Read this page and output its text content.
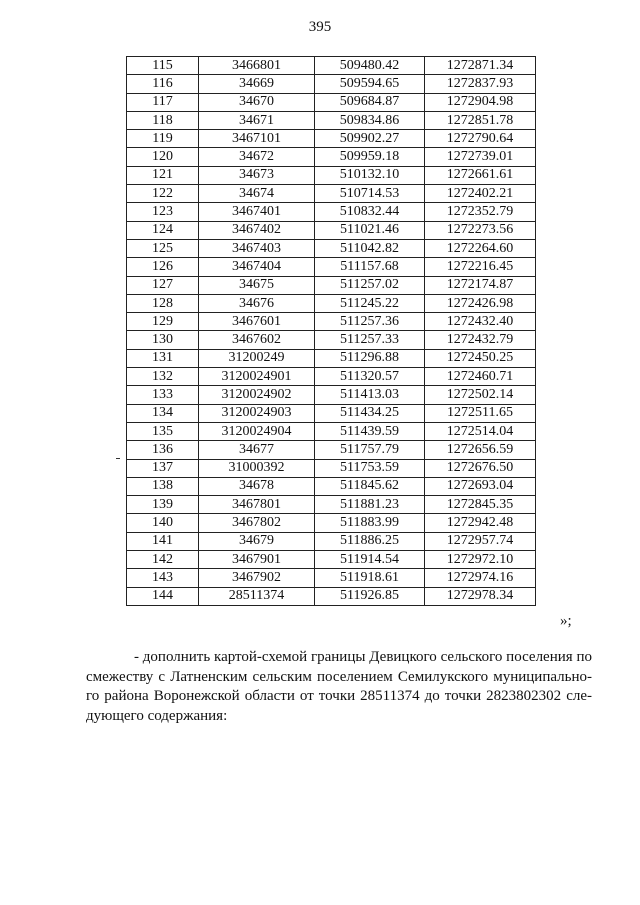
395
115	3466801	509480.42	1272871.34
116	34669	509594.65	1272837.93
117	34670	509684.87	1272904.98
118	34671	509834.86	1272851.78
119	3467101	509902.27	1272790.64
120	34672	509959.18	1272739.01
121	34673	510132.10	1272661.61
122	34674	510714.53	1272402.21
123	3467401	510832.44	1272352.79
124	3467402	511021.46	1272273.56
125	3467403	511042.82	1272264.60
126	3467404	511157.68	1272216.45
127	34675	511257.02	1272174.87
128	34676	511245.22	1272426.98
129	3467601	511257.36	1272432.40
130	3467602	511257.33	1272432.79
131	31200249	511296.88	1272450.25
132	3120024901	511320.57	1272460.71
133	3120024902	511413.03	1272502.14
134	3120024903	511434.25	1272511.65
135	3120024904	511439.59	1272514.04
136	34677	511757.79	1272656.59
137	31000392	511753.59	1272676.50
138	34678	511845.62	1272693.04
139	3467801	511881.23	1272845.35
140	3467802	511883.99	1272942.48
141	34679	511886.25	1272957.74
142	3467901	511914.54	1272972.10
143	3467902	511918.61	1272974.16
144	28511374	511926.85	1272978.34
»;
- дополнить картой-схемой границы Девицкого сельского поселения по
смежеству с Латненским сельским поселением Семилукского муниципально-
го района Воронежской области от точки 28511374 до точки 2823802302 сле-
дующего содержания:
